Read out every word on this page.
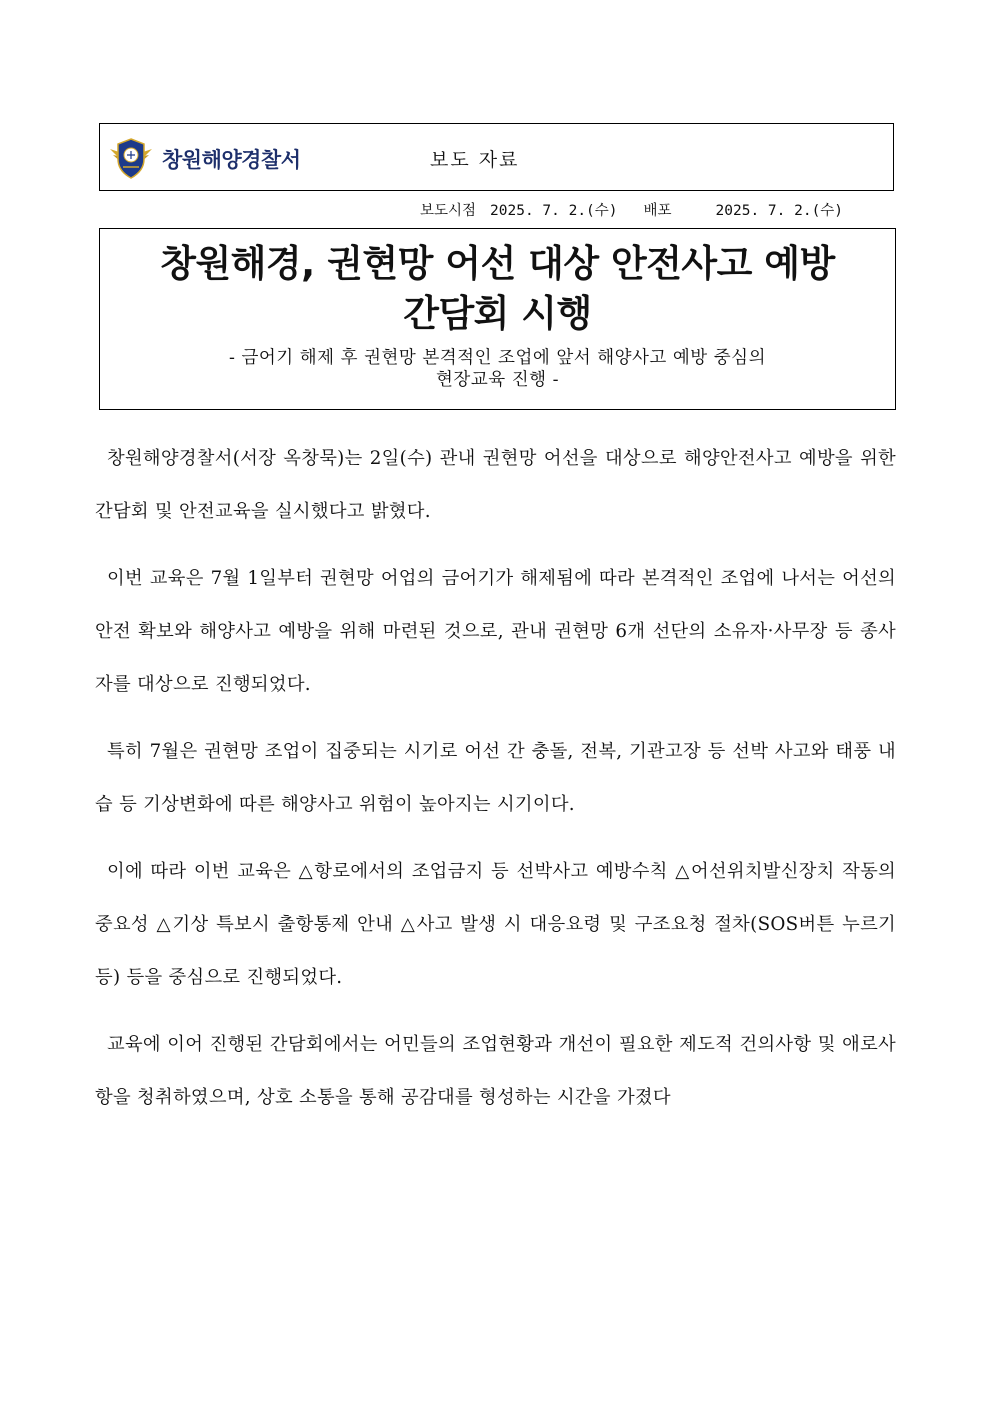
창원해양경찰서	보도 자료
보도시점 2025. 7. 2.(수) 배포	2025. 7. 2.(수)
창원해경, 권현망 어선 대상 안전사고 예방
간담회 시행
- 금어기 해제 후 권현망 본격적인 조업에 앞서 해양사고 예방 중심의
현장교육 진행 -

창원해양경찰서(서장 옥창묵)는 2일(수) 관내 권현망 어선을 대상으로 해양안전사고 예방을 위한 간담회 및 안전교육을 실시했다고 밝혔다.

이번 교육은 7월 1일부터 권현망 어업의 금어기가 해제됨에 따라 본격적인 조업에 나서는 어선의 안전 확보와 해양사고 예방을 위해 마련된 것으로, 관내 권현망 6개 선단의 소유자·사무장 등 종사자를 대상으로 진행되었다.

특히 7월은 권현망 조업이 집중되는 시기로 어선 간 충돌, 전복, 기관고장 등 선박 사고와 태풍 내습 등 기상변화에 따른 해양사고 위험이 높아지는 시기이다.

이에 따라 이번 교육은 △항로에서의 조업금지 등 선박사고 예방수칙 △어선위치발신장치 작동의 중요성 △기상 특보시 출항통제 안내 △사고 발생 시 대응요령 및 구조요청 절차(SOS버튼 누르기 등) 등을 중심으로 진행되었다.

교육에 이어 진행된 간담회에서는 어민들의 조업현황과 개선이 필요한 제도적 건의사항 및 애로사항을 청취하였으며, 상호 소통을 통해 공감대를 형성하는 시간을 가졌다
